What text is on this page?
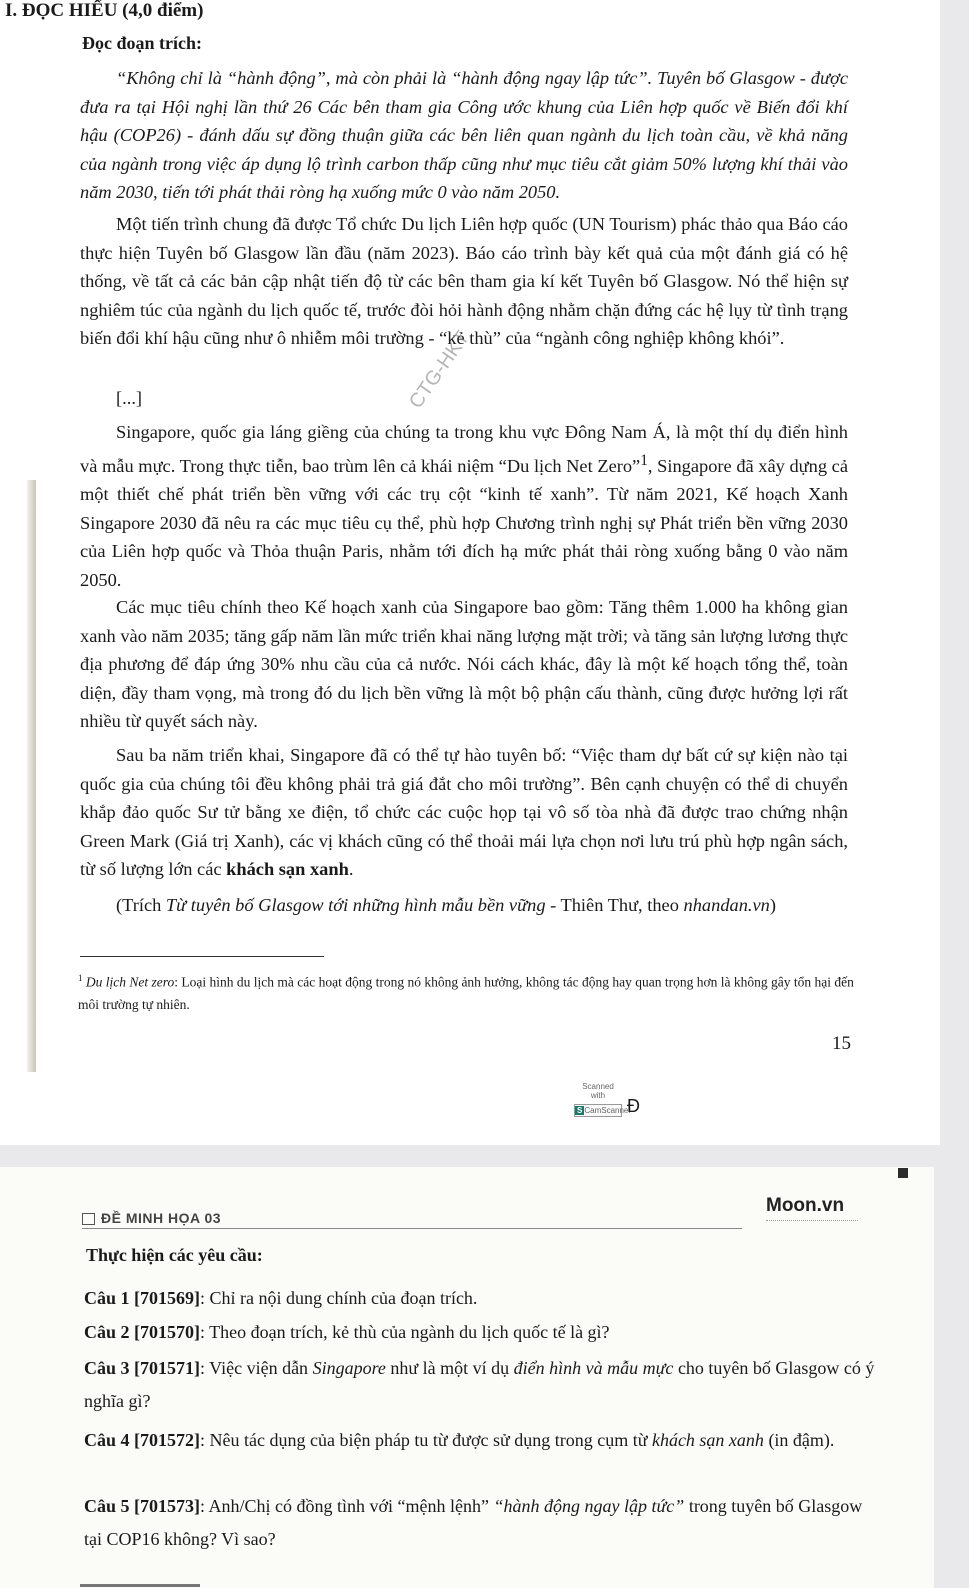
I. ĐỌC HIỂU (4,0 điểm)
Đọc đoạn trích:

“Không chỉ là “hành động”, mà còn phải là “hành động ngay lập tức”. Tuyên bố Glasgow - được đưa ra tại Hội nghị lần thứ 26 Các bên tham gia Công ước khung của Liên hợp quốc về Biến đổi khí hậu (COP26) - đánh dấu sự đồng thuận giữa các bên liên quan ngành du lịch toàn cầu, về khả năng của ngành trong việc áp dụng lộ trình carbon thấp cũng như mục tiêu cắt giảm 50% lượng khí thải vào năm 2030, tiến tới phát thải ròng hạ xuống mức 0 vào năm 2050.

Một tiến trình chung đã được Tổ chức Du lịch Liên hợp quốc (UN Tourism) phác thảo qua Báo cáo thực hiện Tuyên bố Glasgow lần đầu (năm 2023). Báo cáo trình bày kết quả của một đánh giá có hệ thống, về tất cả các bản cập nhật tiến độ từ các bên tham gia kí kết Tuyên bố Glasgow. Nó thể hiện sự nghiêm túc của ngành du lịch quốc tế, trước đòi hỏi hành động nhằm chặn đứng các hệ lụy từ tình trạng biến đổi khí hậu cũng như ô nhiễm môi trường - “kẻ thù” của “ngành công nghiệp không khói”.

[...]

Singapore, quốc gia láng giềng của chúng ta trong khu vực Đông Nam Á, là một thí dụ điển hình và mẫu mực. Trong thực tiễn, bao trùm lên cả khái niệm “Du lịch Net Zero”$^1$, Singapore đã xây dựng cả một thiết chế phát triển bền vững với các trụ cột “kinh tế xanh”. Từ năm 2021, Kế hoạch Xanh Singapore 2030 đã nêu ra các mục tiêu cụ thể, phù hợp Chương trình nghị sự Phát triển bền vững 2030 của Liên hợp quốc và Thỏa thuận Paris, nhằm tới đích hạ mức phát thải ròng xuống bằng 0 vào năm 2050.

Các mục tiêu chính theo Kế hoạch xanh của Singapore bao gồm: Tăng thêm 1.000 ha không gian xanh vào năm 2035; tăng gấp năm lần mức triển khai năng lượng mặt trời; và tăng sản lượng lương thực địa phương để đáp ứng 30% nhu cầu của cả nước. Nói cách khác, đây là một kế hoạch tổng thể, toàn diện, đầy tham vọng, mà trong đó du lịch bền vững là một bộ phận cấu thành, cũng được hưởng lợi rất nhiều từ quyết sách này.

Sau ba năm triển khai, Singapore đã có thể tự hào tuyên bố: “Việc tham dự bất cứ sự kiện nào tại quốc gia của chúng tôi đều không phải trả giá đắt cho môi trường”. Bên cạnh chuyện có thể di chuyển khắp đảo quốc Sư tử bằng xe điện, tổ chức các cuộc họp tại vô số tòa nhà đã được trao chứng nhận Green Mark (Giá trị Xanh), các vị khách cũng có thể thoải mái lựa chọn nơi lưu trú phù hợp ngân sách, từ số lượng lớn các khách sạn xanh.

(Trích Từ tuyên bố Glasgow tới những hình mẫu bền vững - Thiên Thư, theo nhandan.vn)
$^1$ Du lịch Net zero: Loại hình du lịch mà các hoạt động trong nó không ảnh hưởng, không tác động hay quan trọng hơn là không gây tổn hại đến môi trường tự nhiên.
15
CTG-HKT
Scanned with
S CamScanner
Đ
ĐỀ MINH HỌA 03
Moon.vn
Thực hiện các yêu cầu:

Câu 1 [701569]: Chỉ ra nội dung chính của đoạn trích.

Câu 2 [701570]: Theo đoạn trích, kẻ thù của ngành du lịch quốc tế là gì?

Câu 3 [701571]: Việc viện dẫn Singapore như là một ví dụ điển hình và mẫu mực cho tuyên bố Glasgow có ý nghĩa gì?

Câu 4 [701572]: Nêu tác dụng của biện pháp tu từ được sử dụng trong cụm từ khách sạn xanh (in đậm).

Câu 5 [701573]: Anh/Chị có đồng tình với “mệnh lệnh” “hành động ngay lập tức” trong tuyên bố Glasgow tại COP16 không? Vì sao?
